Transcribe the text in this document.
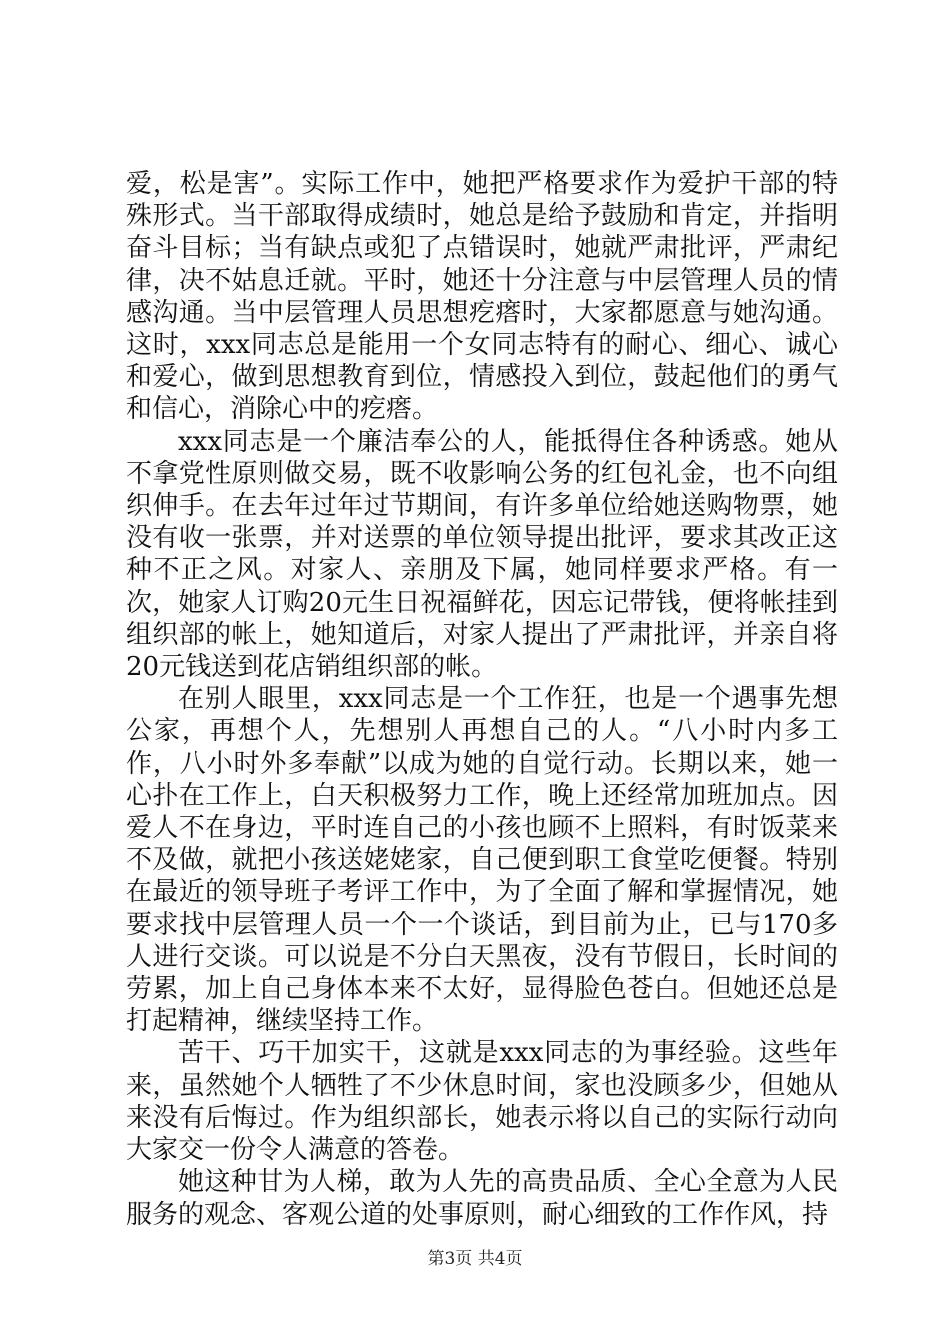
爱，松是害”。实际工作中，她把严格要求作为爱护干部的特殊形式。当干部取得成绩时，她总是给予鼓励和肯定，并指明奋斗目标；当有缺点或犯了点错误时，她就严肃批评，严肃纪律，决不姑息迁就。平时，她还十分注意与中层管理人员的情感沟通。当中层管理人员思想疙瘩时，大家都愿意与她沟通。这时，xxx同志总是能用一个女同志特有的耐心、细心、诚心和爱心，做到思想教育到位，情感投入到位，鼓起他们的勇气和信心，消除心中的疙瘩。

xxx同志是一个廉洁奉公的人，能抵得住各种诱惑。她从不拿党性原则做交易，既不收影响公务的红包礼金，也不向组织伸手。在去年过年过节期间，有许多单位给她送购物票，她没有收一张票，并对送票的单位领导提出批评，要求其改正这种不正之风。对家人、亲朋及下属，她同样要求严格。有一次，她家人订购20元生日祝福鲜花，因忘记带钱，便将帐挂到组织部的帐上，她知道后，对家人提出了严肃批评，并亲自将20元钱送到花店销组织部的帐。

在别人眼里，xxx同志是一个工作狂，也是一个遇事先想公家，再想个人，先想别人再想自己的人。“八小时内多工作，八小时外多奉献”以成为她的自觉行动。长期以来，她一心扑在工作上，白天积极努力工作，晚上还经常加班加点。因爱人不在身边，平时连自己的小孩也顾不上照料，有时饭菜来不及做，就把小孩送姥姥家，自己便到职工食堂吃便餐。特别在最近的领导班子考评工作中，为了全面了解和掌握情况，她要求找中层管理人员一个一个谈话，到目前为止，已与170多人进行交谈。可以说是不分白天黑夜，没有节假日，长时间的劳累，加上自己身体本来不太好，显得脸色苍白。但她还总是打起精神，继续坚持工作。

苦干、巧干加实干，这就是xxx同志的为事经验。这些年来，虽然她个人牺牲了不少休息时间，家也没顾多少，但她从来没有后悔过。作为组织部长，她表示将以自己的实际行动向大家交一份令人满意的答卷。

她这种甘为人梯，敢为人先的高贵品质、全心全意为人民服务的观念、客观公道的处事原则，耐心细致的工作作风，持

第3页 共4页
